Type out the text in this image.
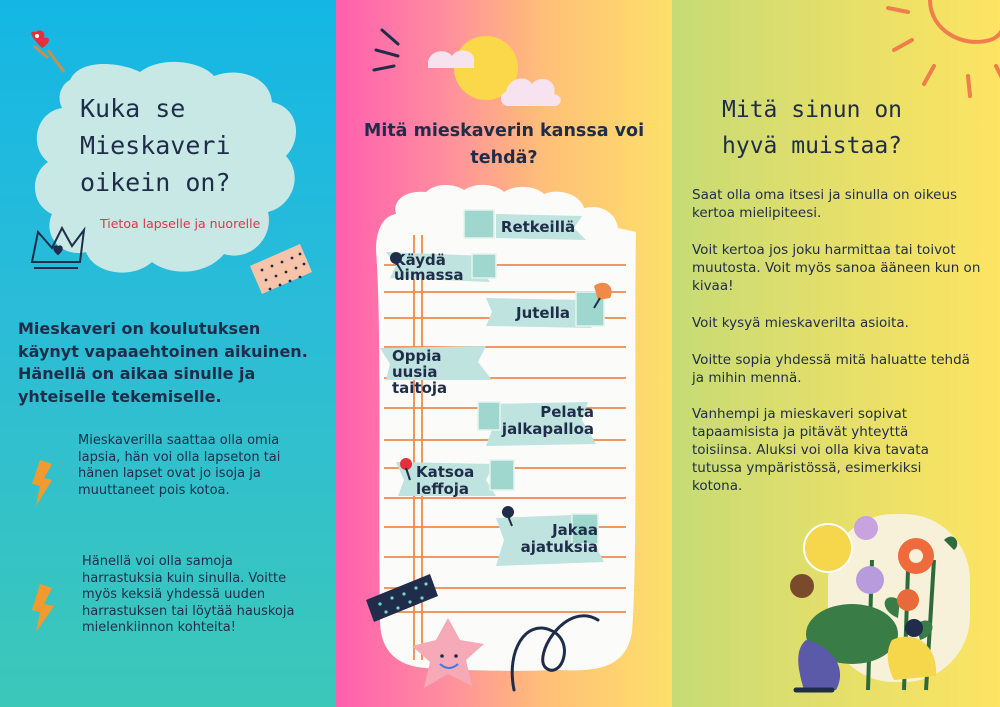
Kuka se
Mieskaveri
oikein on?
Tietoa lapselle ja nuorelle
Mieskaveri on koulutuksen käynyt vapaaehtoinen aikuinen. Hänellä on aikaa sinulle ja yhteiselle tekemiselle.
Mieskaverilla saattaa olla omia lapsia, hän voi olla lapseton tai hänen lapset ovat jo isoja ja muuttaneet pois kotoa.
Hänellä voi olla samoja harrastuksia kuin sinulla. Voitte myös keksiä yhdessä uuden harrastuksen tai löytää hauskoja mielenkiinnon kohteita!
Mitä mieskaverin kanssa voi tehdä?
Retkeillä
Käydä uimassa
Jutella
Oppia uusia taitoja
Pelata jalkapalloa
Katsoa leffoja
Jakaa ajatuksia
Mitä sinun on
hyvä muistaa?
Saat olla oma itsesi ja sinulla on oikeus kertoa mielipiteesi.
Voit kertoa jos joku harmittaa tai toivot muutosta. Voit myös sanoa ääneen kun on kivaa!
Voit kysyä mieskaverilta asioita.
Voitte sopia yhdessä mitä haluatte tehdä ja mihin mennä.
Vanhempi ja mieskaveri sopivat tapaamisista ja pitävät yhteyttä toisiinsa. Aluksi voi olla kiva tavata tutussa ympäristössä, esimerkiksi kotona.
